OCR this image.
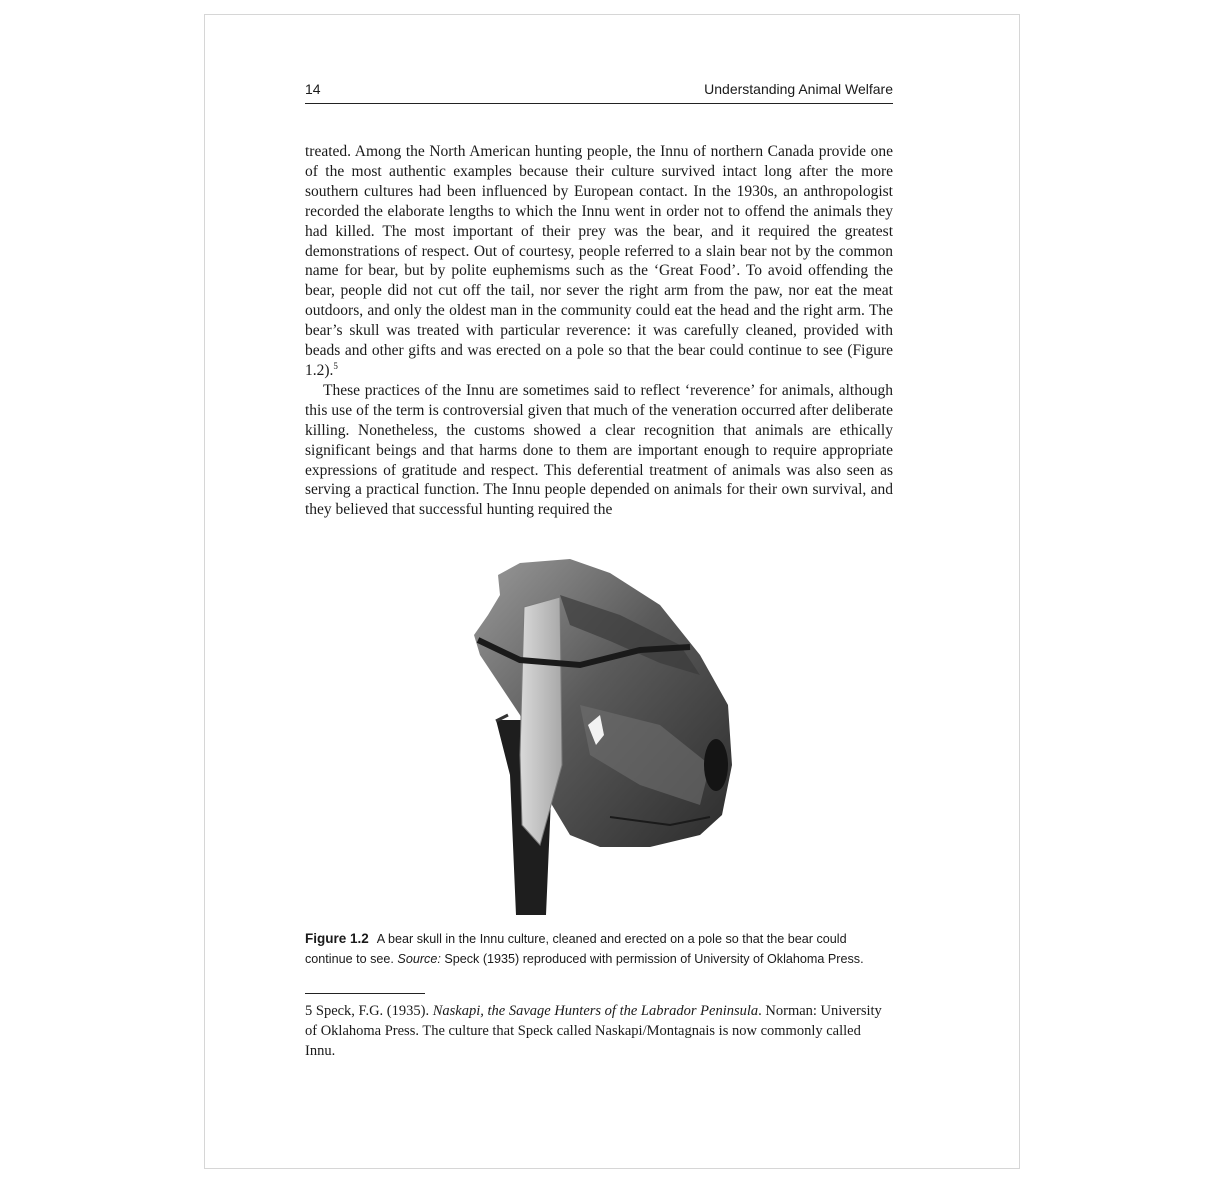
14	Understanding Animal Welfare

treated. Among the North American hunting people, the Innu of northern Canada provide one of the most authentic examples because their culture survived intact long after the more southern cultures had been influenced by European contact. In the 1930s, an anthropologist recorded the elaborate lengths to which the Innu went in order not to offend the animals they had killed. The most important of their prey was the bear, and it required the greatest demonstrations of respect. Out of courtesy, people referred to a slain bear not by the common name for bear, but by polite euphemisms such as the ‘Great Food’. To avoid offending the bear, people did not cut off the tail, nor sever the right arm from the paw, nor eat the meat outdoors, and only the oldest man in the community could eat the head and the right arm. The bear’s skull was treated with particular reverence: it was carefully cleaned, provided with beads and other gifts and was erected on a pole so that the bear could continue to see (Figure 1.2).$^5$

These practices of the Innu are sometimes said to reflect ‘reverence’ for animals, although this use of the term is controversial given that much of the veneration occurred after deliberate killing. Nonetheless, the customs showed a clear recognition that animals are ethically significant beings and that harms done to them are important enough to require appropriate expressions of gratitude and respect. This deferential treatment of animals was also seen as serving a practical function. The Innu people depended on animals for their own survival, and they believed that successful hunting required the

Figure 1.2 A bear skull in the Innu culture, cleaned and erected on a pole so that the bear could continue to see. Source: Speck (1935) reproduced with permission of University of Oklahoma Press.
5 Speck, F.G. (1935). Naskapi, the Savage Hunters of the Labrador Peninsula. Norman: University of Oklahoma Press. The culture that Speck called Naskapi/Montagnais is now commonly called Innu.
